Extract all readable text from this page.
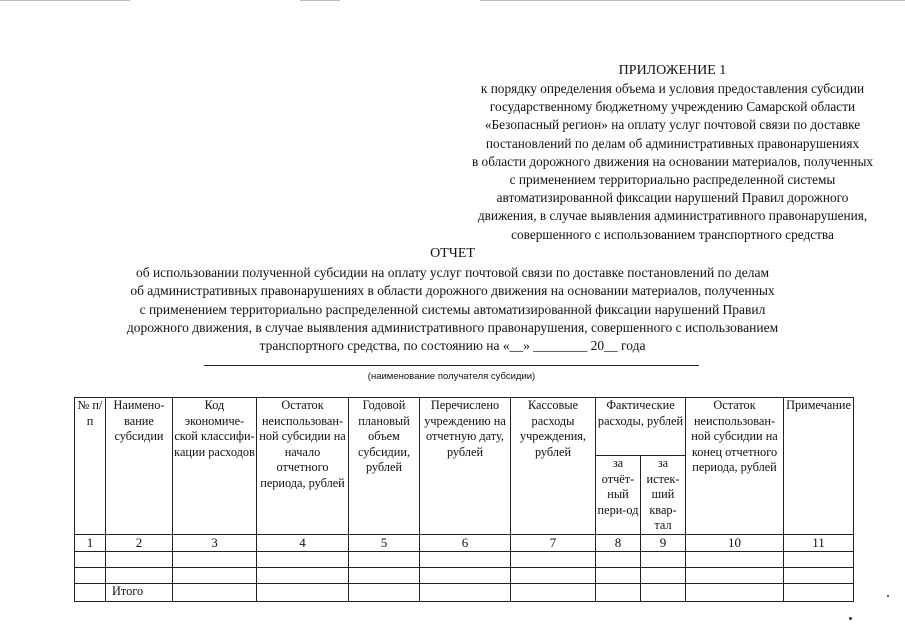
ПРИЛОЖЕНИЕ 1
к порядку определения объема и условия предоставления субсидии
государственному бюджетному учреждению Самарской области
«Безопасный регион» на оплату услуг почтовой связи по доставке
постановлений по делам об административных правонарушениях
в области дорожного движения на основании материалов, полученных
с применением территориально распределенной системы
автоматизированной фиксации нарушений Правил дорожного
движения, в случае выявления административного правонарушения,
совершенного с использованием транспортного средства
ОТЧЕТ
об использовании полученной субсидии на оплату услуг почтовой связи по доставке постановлений по делам
об административных правонарушениях в области дорожного движения на основании материалов, полученных
с применением территориально распределенной системы автоматизированной фиксации нарушений Правил
дорожного движения, в случае выявления административного правонарушения, совершенного с использованием
транспортного средства, по состоянию на «__» ________ 20__ года
(наименование получателя субсидии)
№ п/п	Наимено-вание субсидии	Код экономиче-ской классифи-кации расходов	Остаток неиспользован-ной субсидии на начало отчетного периода, рублей	Годовой плановый объем субсидии, рублей	Перечислено учреждению на отчетную дату, рублей	Кассовые расходы учреждения, рублей	Фактические расходы, рублей		Остаток неиспользован-ной субсидии на конец отчетного периода, рублей	Примечание
							за отчёт-ный пери-од	за истек-ший квар-тал		
1	2	3	4	5	6	7	8	9	10	11

	Итого									
